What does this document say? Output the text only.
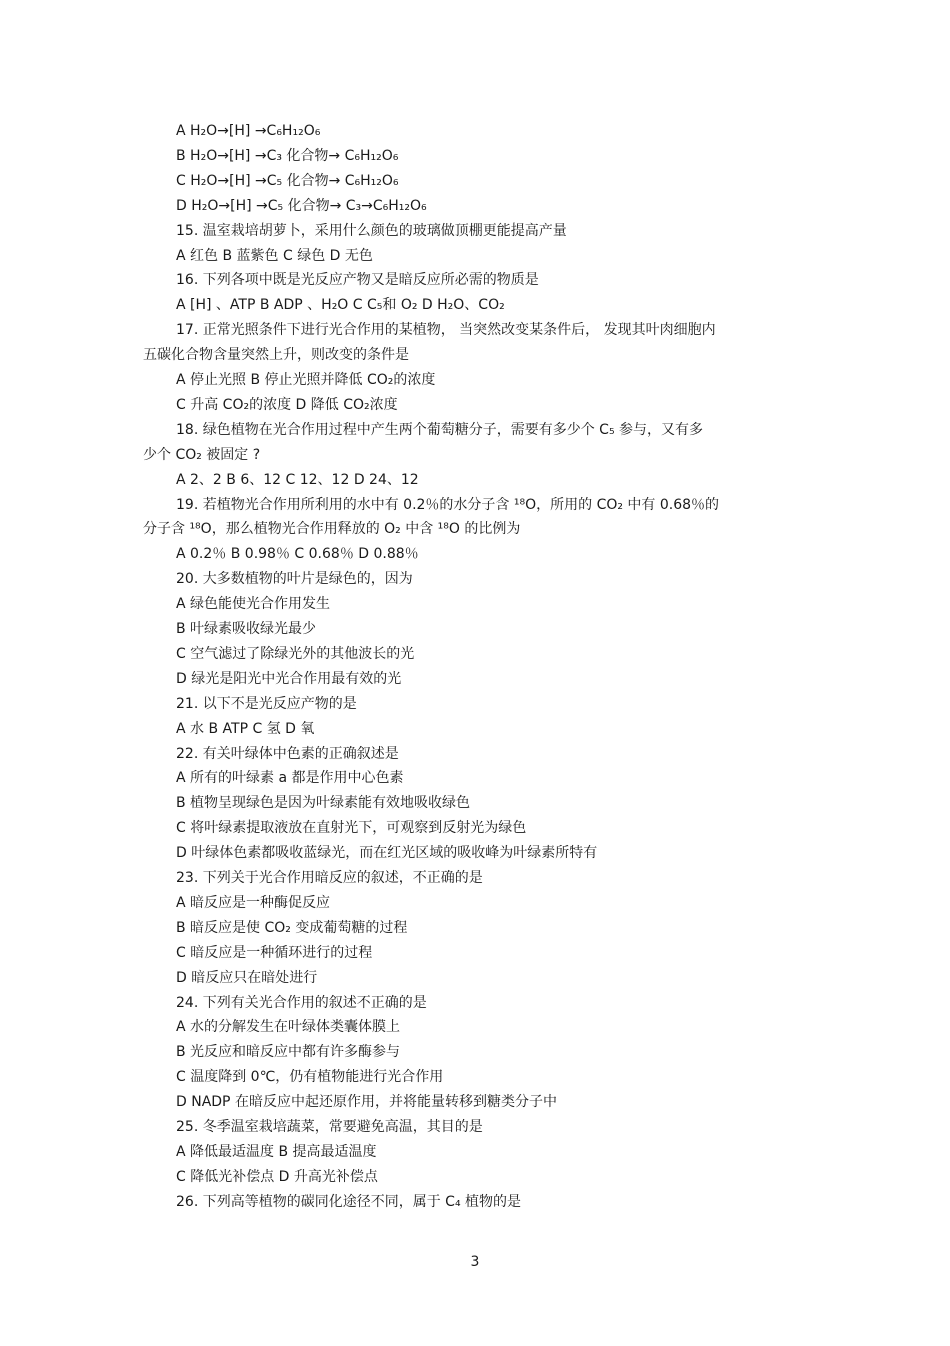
A H₂O→[H] →C₆H₁₂O₆
B H₂O→[H] →C₃ 化合物→ C₆H₁₂O₆
C H₂O→[H] →C₅ 化合物→ C₆H₁₂O₆
D H₂O→[H] →C₅ 化合物→ C₃→C₆H₁₂O₆
15. 温室栽培胡萝卜，采用什么颜色的玻璃做顶棚更能提高产量
A 红色 B 蓝紫色 C 绿色 D 无色
16. 下列各项中既是光反应产物又是暗反应所必需的物质是
A [H] 、ATP B ADP 、H₂O C C₅和 O₂ D H₂O、CO₂
17. 正常光照条件下进行光合作用的某植物， 当突然改变某条件后， 发现其叶肉细胞内
五碳化合物含量突然上升，则改变的条件是
A 停止光照 B 停止光照并降低 CO₂的浓度
C 升高 CO₂的浓度 D 降低 CO₂浓度
18. 绿色植物在光合作用过程中产生两个葡萄糖分子，需要有多少个 C₅ 参与，又有多
少个 CO₂ 被固定 ?
A 2、2 B 6、12 C 12、12 D 24、12
19. 若植物光合作用所利用的水中有 0.2％的水分子含 ¹⁸O，所用的 CO₂ 中有 0.68％的
分子含 ¹⁸O，那么植物光合作用释放的 O₂ 中含 ¹⁸O 的比例为
A 0.2％ B 0.98％ C 0.68％ D 0.88％
20. 大多数植物的叶片是绿色的，因为
A 绿色能使光合作用发生
B 叶绿素吸收绿光最少
C 空气滤过了除绿光外的其他波长的光
D 绿光是阳光中光合作用最有效的光
21. 以下不是光反应产物的是
A 水 B ATP C 氢 D 氧
22. 有关叶绿体中色素的正确叙述是
A 所有的叶绿素 a 都是作用中心色素
B 植物呈现绿色是因为叶绿素能有效地吸收绿色
C 将叶绿素提取液放在直射光下，可观察到反射光为绿色
D 叶绿体色素都吸收蓝绿光，而在红光区域的吸收峰为叶绿素所特有
23. 下列关于光合作用暗反应的叙述，不正确的是
A 暗反应是一种酶促反应
B 暗反应是使 CO₂ 变成葡萄糖的过程
C 暗反应是一种循环进行的过程
D 暗反应只在暗处进行
24. 下列有关光合作用的叙述不正确的是
A 水的分解发生在叶绿体类囊体膜上
B 光反应和暗反应中都有许多酶参与
C 温度降到 0℃，仍有植物能进行光合作用
D NADP 在暗反应中起还原作用，并将能量转移到糖类分子中
25. 冬季温室栽培蔬菜，常要避免高温，其目的是
A 降低最适温度 B 提高最适温度
C 降低光补偿点 D 升高光补偿点
26. 下列高等植物的碳同化途径不同，属于 C₄ 植物的是
3
